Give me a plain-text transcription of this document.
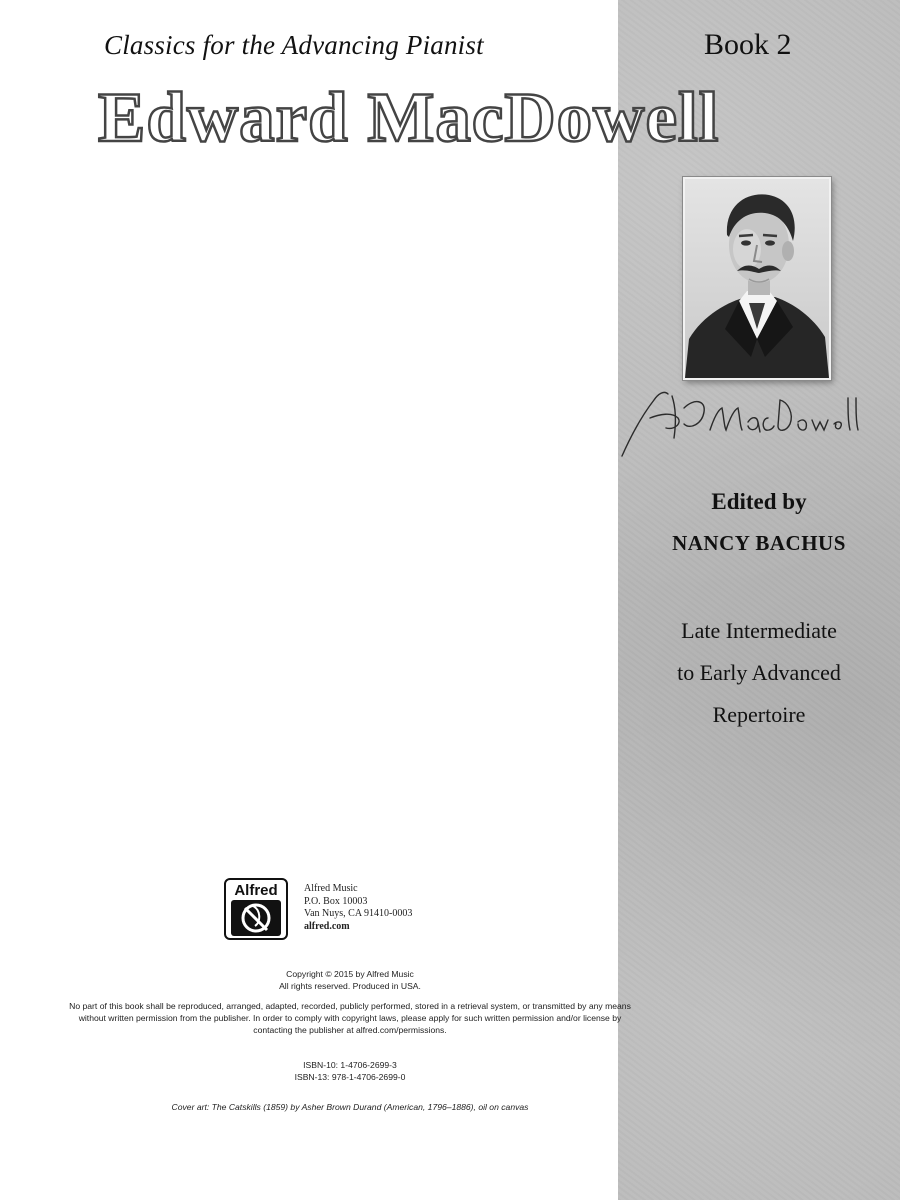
Classics for the Advancing Pianist	Book 2
Edward MacDowell
Edited by
NANCY BACHUS
Late Intermediate
to Early Advanced
Repertoire
Alfred	Alfred Music
P.O. Box 10003
Van Nuys, CA 91410-0003
alfred.com
Copyright © 2015 by Alfred Music
All rights reserved. Produced in USA.
No part of this book shall be reproduced, arranged, adapted, recorded, publicly performed, stored in a retrieval system, or transmitted by any means without written permission from the publisher. In order to comply with copyright laws, please apply for such written permission and/or license by contacting the publisher at alfred.com/permissions.
ISBN-10: 1-4706-2699-3
ISBN-13: 978-1-4706-2699-0
Cover art: The Catskills (1859) by Asher Brown Durand (American, 1796–1886), oil on canvas
